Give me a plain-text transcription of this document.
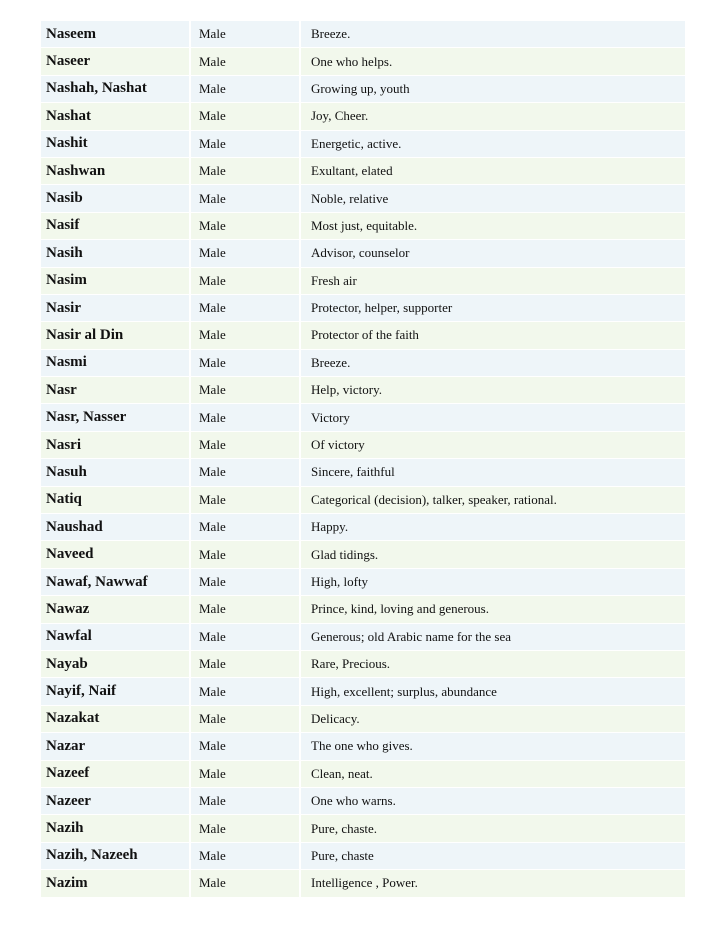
Naseem	Male	Breeze.
Naseer	Male	One who helps.
Nashah, Nashat	Male	Growing up, youth
Nashat	Male	Joy, Cheer.
Nashit	Male	Energetic, active.
Nashwan	Male	Exultant, elated
Nasib	Male	Noble, relative
Nasif	Male	Most just, equitable.
Nasih	Male	Advisor, counselor
Nasim	Male	Fresh air
Nasir	Male	Protector, helper, supporter
Nasir al Din	Male	Protector of the faith
Nasmi	Male	Breeze.
Nasr	Male	Help, victory.
Nasr, Nasser	Male	Victory
Nasri	Male	Of victory
Nasuh	Male	Sincere, faithful
Natiq	Male	Categorical (decision), talker, speaker, rational.
Naushad	Male	Happy.
Naveed	Male	Glad tidings.
Nawaf, Nawwaf	Male	High, lofty
Nawaz	Male	Prince, kind, loving and generous.
Nawfal	Male	Generous; old Arabic name for the sea
Nayab	Male	Rare, Precious.
Nayif, Naif	Male	High, excellent; surplus, abundance
Nazakat	Male	Delicacy.
Nazar	Male	The one who gives.
Nazeef	Male	Clean, neat.
Nazeer	Male	One who warns.
Nazih	Male	Pure, chaste.
Nazih, Nazeeh	Male	Pure, chaste
Nazim	Male	Intelligence , Power.
